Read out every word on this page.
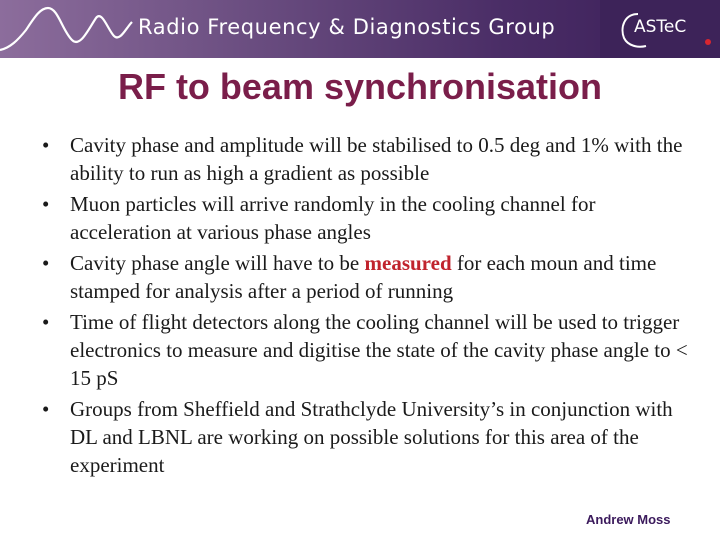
Radio Frequency & Diagnostics Group	ASTeC
RF to beam synchronisation
• Cavity phase and amplitude will be stabilised to 0.5 deg and 1% with the ability to run as high a gradient as possible
• Muon particles will arrive randomly in the cooling channel for acceleration at various phase angles
• Cavity phase angle will have to be measured for each moun and time stamped for analysis after a period of running
• Time of flight detectors along the cooling channel will be used to trigger electronics to measure and digitise the state of the cavity phase angle to < 15 pS
• Groups from Sheffield and Strathclyde University’s in conjunction with DL and LBNL are working on possible solutions for this area of the experiment
Andrew Moss
